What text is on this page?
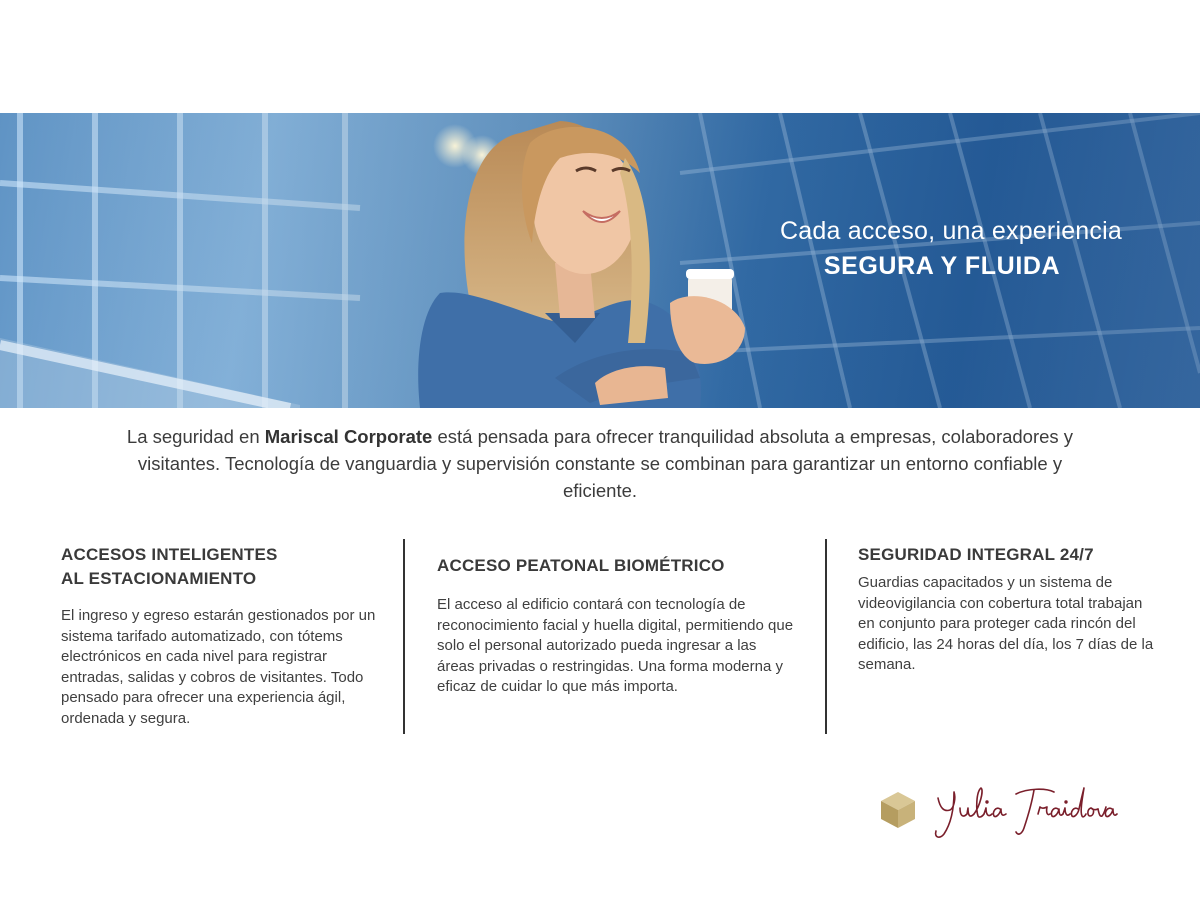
Cada acceso, una experiencia
SEGURA Y FLUIDA
La seguridad en Mariscal Corporate está pensada para ofrecer tranquilidad absoluta a empresas, colaboradores y visitantes. Tecnología de vanguardia y supervisión constante se combinan para garantizar un entorno confiable y eficiente.
ACCESOS INTELIGENTES
AL ESTACIONAMIENTO

El ingreso y egreso estarán gestionados por un sistema tarifado automatizado, con tótems electrónicos en cada nivel para registrar entradas, salidas y cobros de visitantes. Todo pensado para ofrecer una experiencia ágil, ordenada y segura.

ACCESO PEATONAL BIOMÉTRICO

El acceso al edificio contará con tecnología de reconocimiento facial y huella digital, permitiendo que solo el personal autorizado pueda ingresar a las áreas privadas o restringidas. Una forma moderna y eficaz de cuidar lo que más importa.

SEGURIDAD INTEGRAL 24/7

Guardias capacitados y un sistema de videovigilancia con cobertura total trabajan en conjunto para proteger cada rincón del edificio, las 24 horas del día, los 7 días de la semana.
